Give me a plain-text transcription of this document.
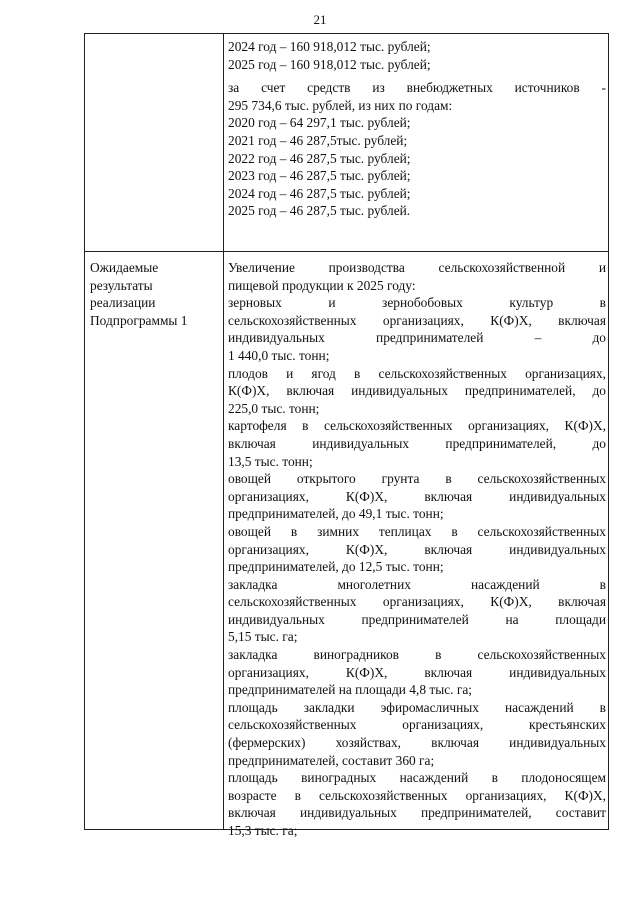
21
2024 год – 160 918,012 тыс. рублей;
2025 год – 160 918,012 тыс. рублей;
за счет средств из внебюджетных источников -
295 734,6 тыс. рублей, из них по годам:
2020 год – 64 297,1 тыс. рублей;
2021 год – 46 287,5тыс. рублей;
2022 год – 46 287,5 тыс. рублей;
2023 год – 46 287,5 тыс. рублей;
2024 год – 46 287,5 тыс. рублей;
2025 год – 46 287,5 тыс. рублей.
Ожидаемые
результаты
реализации
Подпрограммы 1
Увеличение производства сельскохозяйственной и
пищевой продукции к 2025 году:
зерновых и зернобобовых культур в
сельскохозяйственных организациях, К(Ф)Х, включая
индивидуальных предпринимателей – до
1 440,0 тыс. тонн;
плодов и ягод в сельскохозяйственных организациях,
К(Ф)Х, включая индивидуальных предпринимателей, до
225,0 тыс. тонн;
картофеля в сельскохозяйственных организациях, К(Ф)Х,
включая индивидуальных предпринимателей, до
13,5 тыс. тонн;
овощей открытого грунта в сельскохозяйственных
организациях, К(Ф)Х, включая индивидуальных
предпринимателей, до 49,1 тыс. тонн;
овощей в зимних теплицах в сельскохозяйственных
организациях, К(Ф)Х, включая индивидуальных
предпринимателей, до 12,5 тыс. тонн;
закладка многолетних насаждений в
сельскохозяйственных организациях, К(Ф)Х, включая
индивидуальных предпринимателей на площади
5,15 тыс. га;
закладка виноградников в сельскохозяйственных
организациях, К(Ф)Х, включая индивидуальных
предпринимателей на площади 4,8 тыс. га;
площадь закладки эфиромасличных насаждений в
сельскохозяйственных организациях, крестьянских
(фермерских) хозяйствах, включая индивидуальных
предпринимателей, составит 360 га;
площадь виноградных насаждений в плодоносящем
возрасте в сельскохозяйственных организациях, К(Ф)Х,
включая индивидуальных предпринимателей, составит
15,3 тыс. га;
